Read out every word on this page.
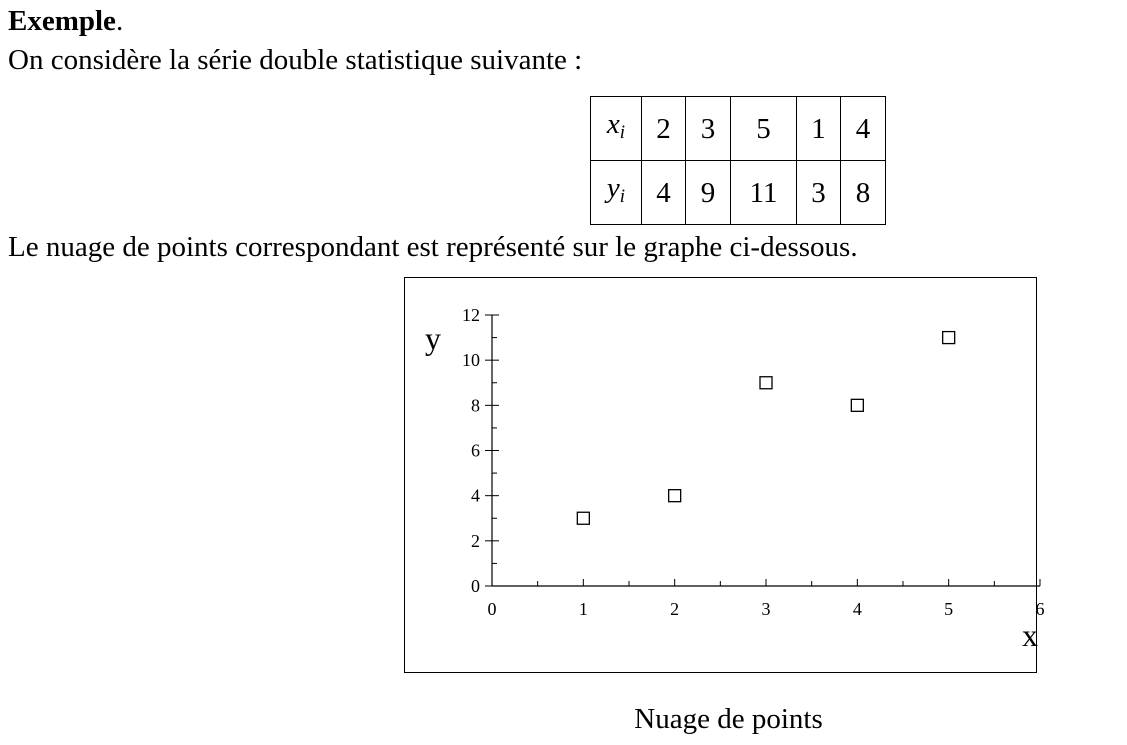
Exemple.
On considère la série double statistique suivante :
$x_i$	2	3	5	1	4
$y_i$	4	9	11	3	8
Le nuage de points correspondant est représenté sur le graphe ci-dessous.
0	1	2	3	4	5	6
0
2
4
6
8
10
12
x
y
Nuage de points
